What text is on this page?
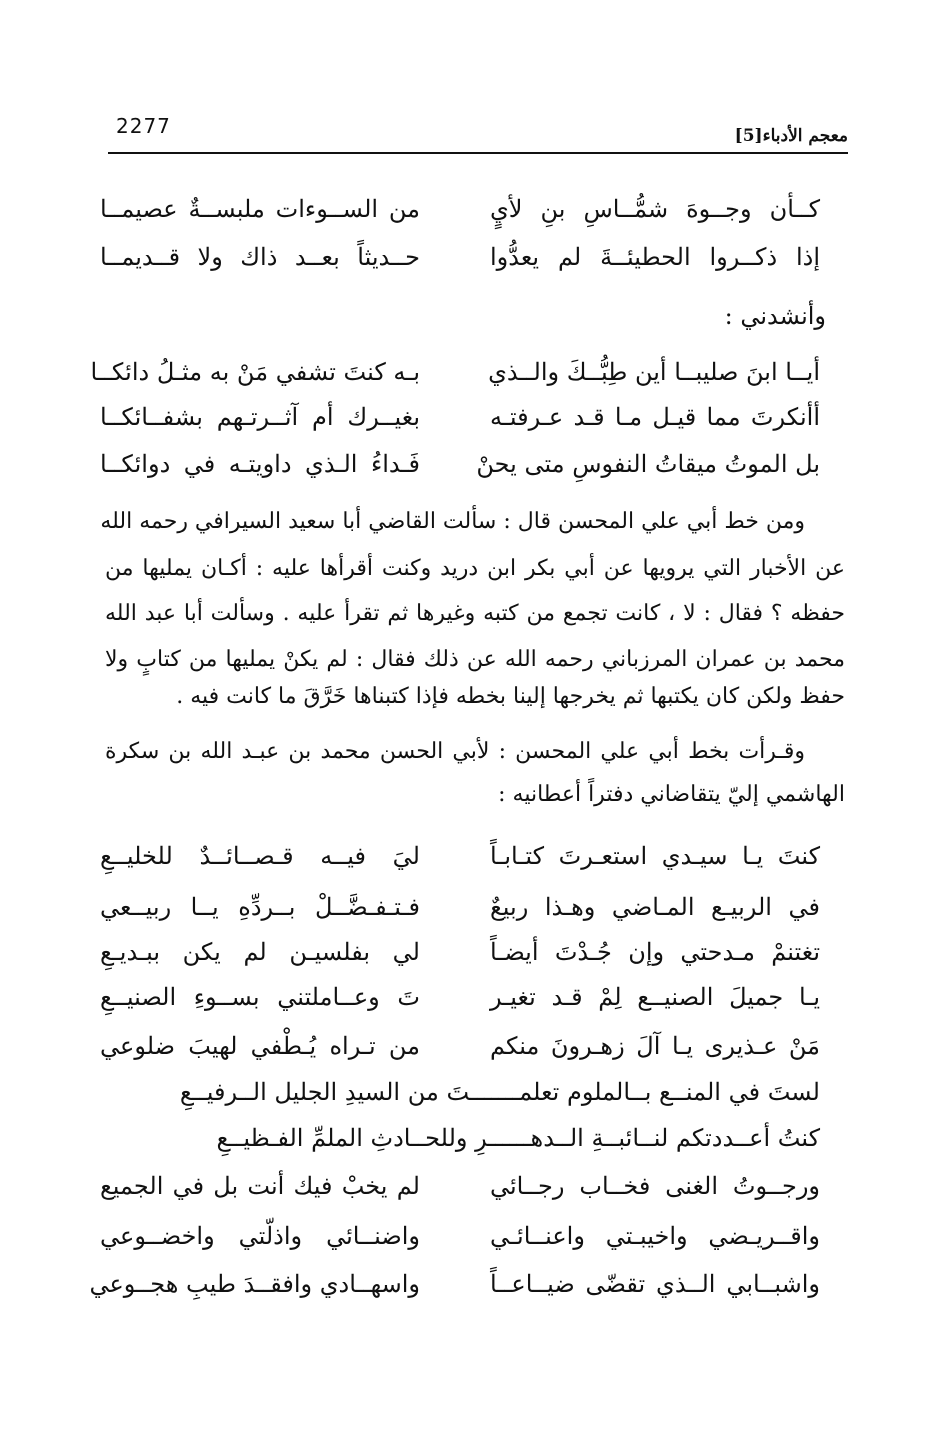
2277	معجم الأدباء[5]
كــأن وجــوهَ شمُّــاسِ بنِ لأيٍ
من الســوءات ملبســةٌ عصيمــا
إذا ذكــروا الحطيئــةَ لم يعدُّوا
حــديثاً بعــد ذاك ولا قــديمــا
وأنشدني :
أيــا ابنَ صليبــا أين طِبُّــكَ والــذي
بـه كنتَ تشفي مَنْ به مثـلُ دائكــا
أأنكرتَ مما قيـل مـا قـد عـرفتـه
بغيــرك أم آثــرتـهم بشفــائكــا
بل الموتُ ميقاتُ النفوسِ متى يحنْ
فَـداءُ الـذي داويتـه في دوائكــا
ومن خط أبي علي المحسن قال : سألت القاضي أبا سعيد السيرافي رحمه الله
عن الأخبار التي يرويها عن أبي بكر ابن دريد وكنت أقرأها عليه : أكـان يمليها من
حفظه ؟ فقال : لا ، كانت تجمع من كتبه وغيرها ثم تقرأ عليه . وسألت أبا عبد الله
محمد بن عمران المرزباني رحمه الله عن ذلك فقال : لم يكنْ يمليها من كتابٍ ولا
حفظ ولكن كان يكتبها ثم يخرجها إلينا بخطه فإذا كتبناها خَرَّقَ ما كانت فيه .
وقـرأت بخط أبي علي المحسن : لأبي الحسن محمد بن عبـد الله بن سكرة
الهاشمي إليّ يتقاضاني دفتراً أعطانيه :
كنتَ يـا سيـدي استعـرتَ كتـابـاً
ليَ فيــه قـصــائــدٌ للخليــعِ
في الربيـع المـاضي وهـذا ربيعٌ
فـتـفـضَّــلْ بــردِّهِ يــا ربيــعي
تغتنمْ مـدحتي وإن جُـدْتَ أيضـاً
لي بفلسيـن لم يكن ببـديـعِ
يـا جميلَ الصنيــع لِمْ قـد تغيـر
تَ وعــاملتني بســوءِ الصنيــعِ
مَنْ عـذيرى يـا آلَ زهـرونَ منكم
من تـراه يُـطْفي لهيبَ ضلوعي
لستَ في المنــع بــالملوم تعلمـــــــتَ من السيدِ الجليل الــرفيــعِ
كنتُ أعــددتكم لنــائبــةِ الــدهــــــرِ وللحــادثِ الملمِّ الفـظيــعِ
ورجــوتُ الغنى فخــاب رجــائي
لم يخبْ فيك أنت بل في الجميع
واقــريـضي واخيبـتي واعنــائـي
واضنــائي واذلّتي واخضــوعي
واشبــابي الــذي تقضّى ضيــاعــاً
واسهــادي وافقــدَ طيبِ هجــوعي
